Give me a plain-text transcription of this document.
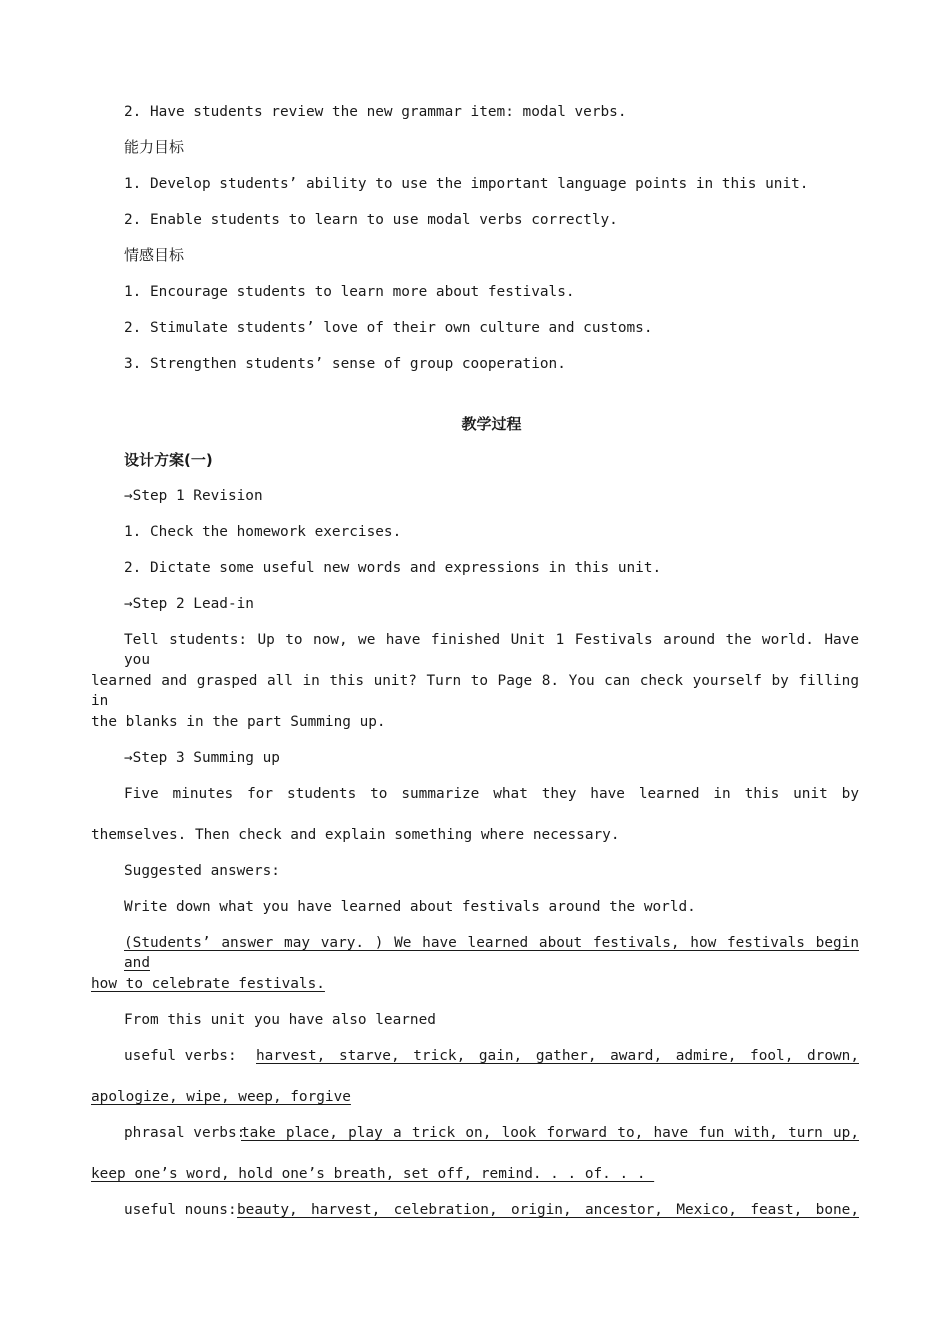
2. Have students review the new grammar item: modal verbs.
能力目标
1. Develop students’ ability to use the important language points in this unit.
2. Enable students to learn to use modal verbs correctly.
情感目标
1. Encourage students to learn more about festivals.
2. Stimulate students’ love of their own culture and customs.
3. Strengthen students’ sense of group cooperation.
教学过程
设计方案(一)
→Step 1 Revision
1. Check the homework exercises.
2. Dictate some useful new words and expressions in this unit.
→Step 2 Lead-in
Tell students: Up to now, we have finished Unit 1 Festivals around the world. Have you
learned and grasped all in this unit? Turn to Page 8. You can check yourself by filling in
the blanks in the part Summing up.
→Step 3 Summing up
Five minutes for students to summarize what they have learned in this unit by
themselves. Then check and explain something where necessary.
Suggested answers:
Write down what you have learned about festivals around the world.
(Students’ answer may vary. ) We have learned about festivals, how festivals begin and
how to celebrate festivals.
From this unit you have also learned
useful verbs: harvest, starve, trick, gain, gather, award, admire, fool, drown,
apologize, wipe, weep, forgive
phrasal verbs:
take place, play a trick on, look forward to, have fun with, turn up,
keep one’s word, hold one’s breath, set off, remind. . . of. . .
useful nouns: beauty, harvest, celebration, origin, ancestor, Mexico, feast, bone,
